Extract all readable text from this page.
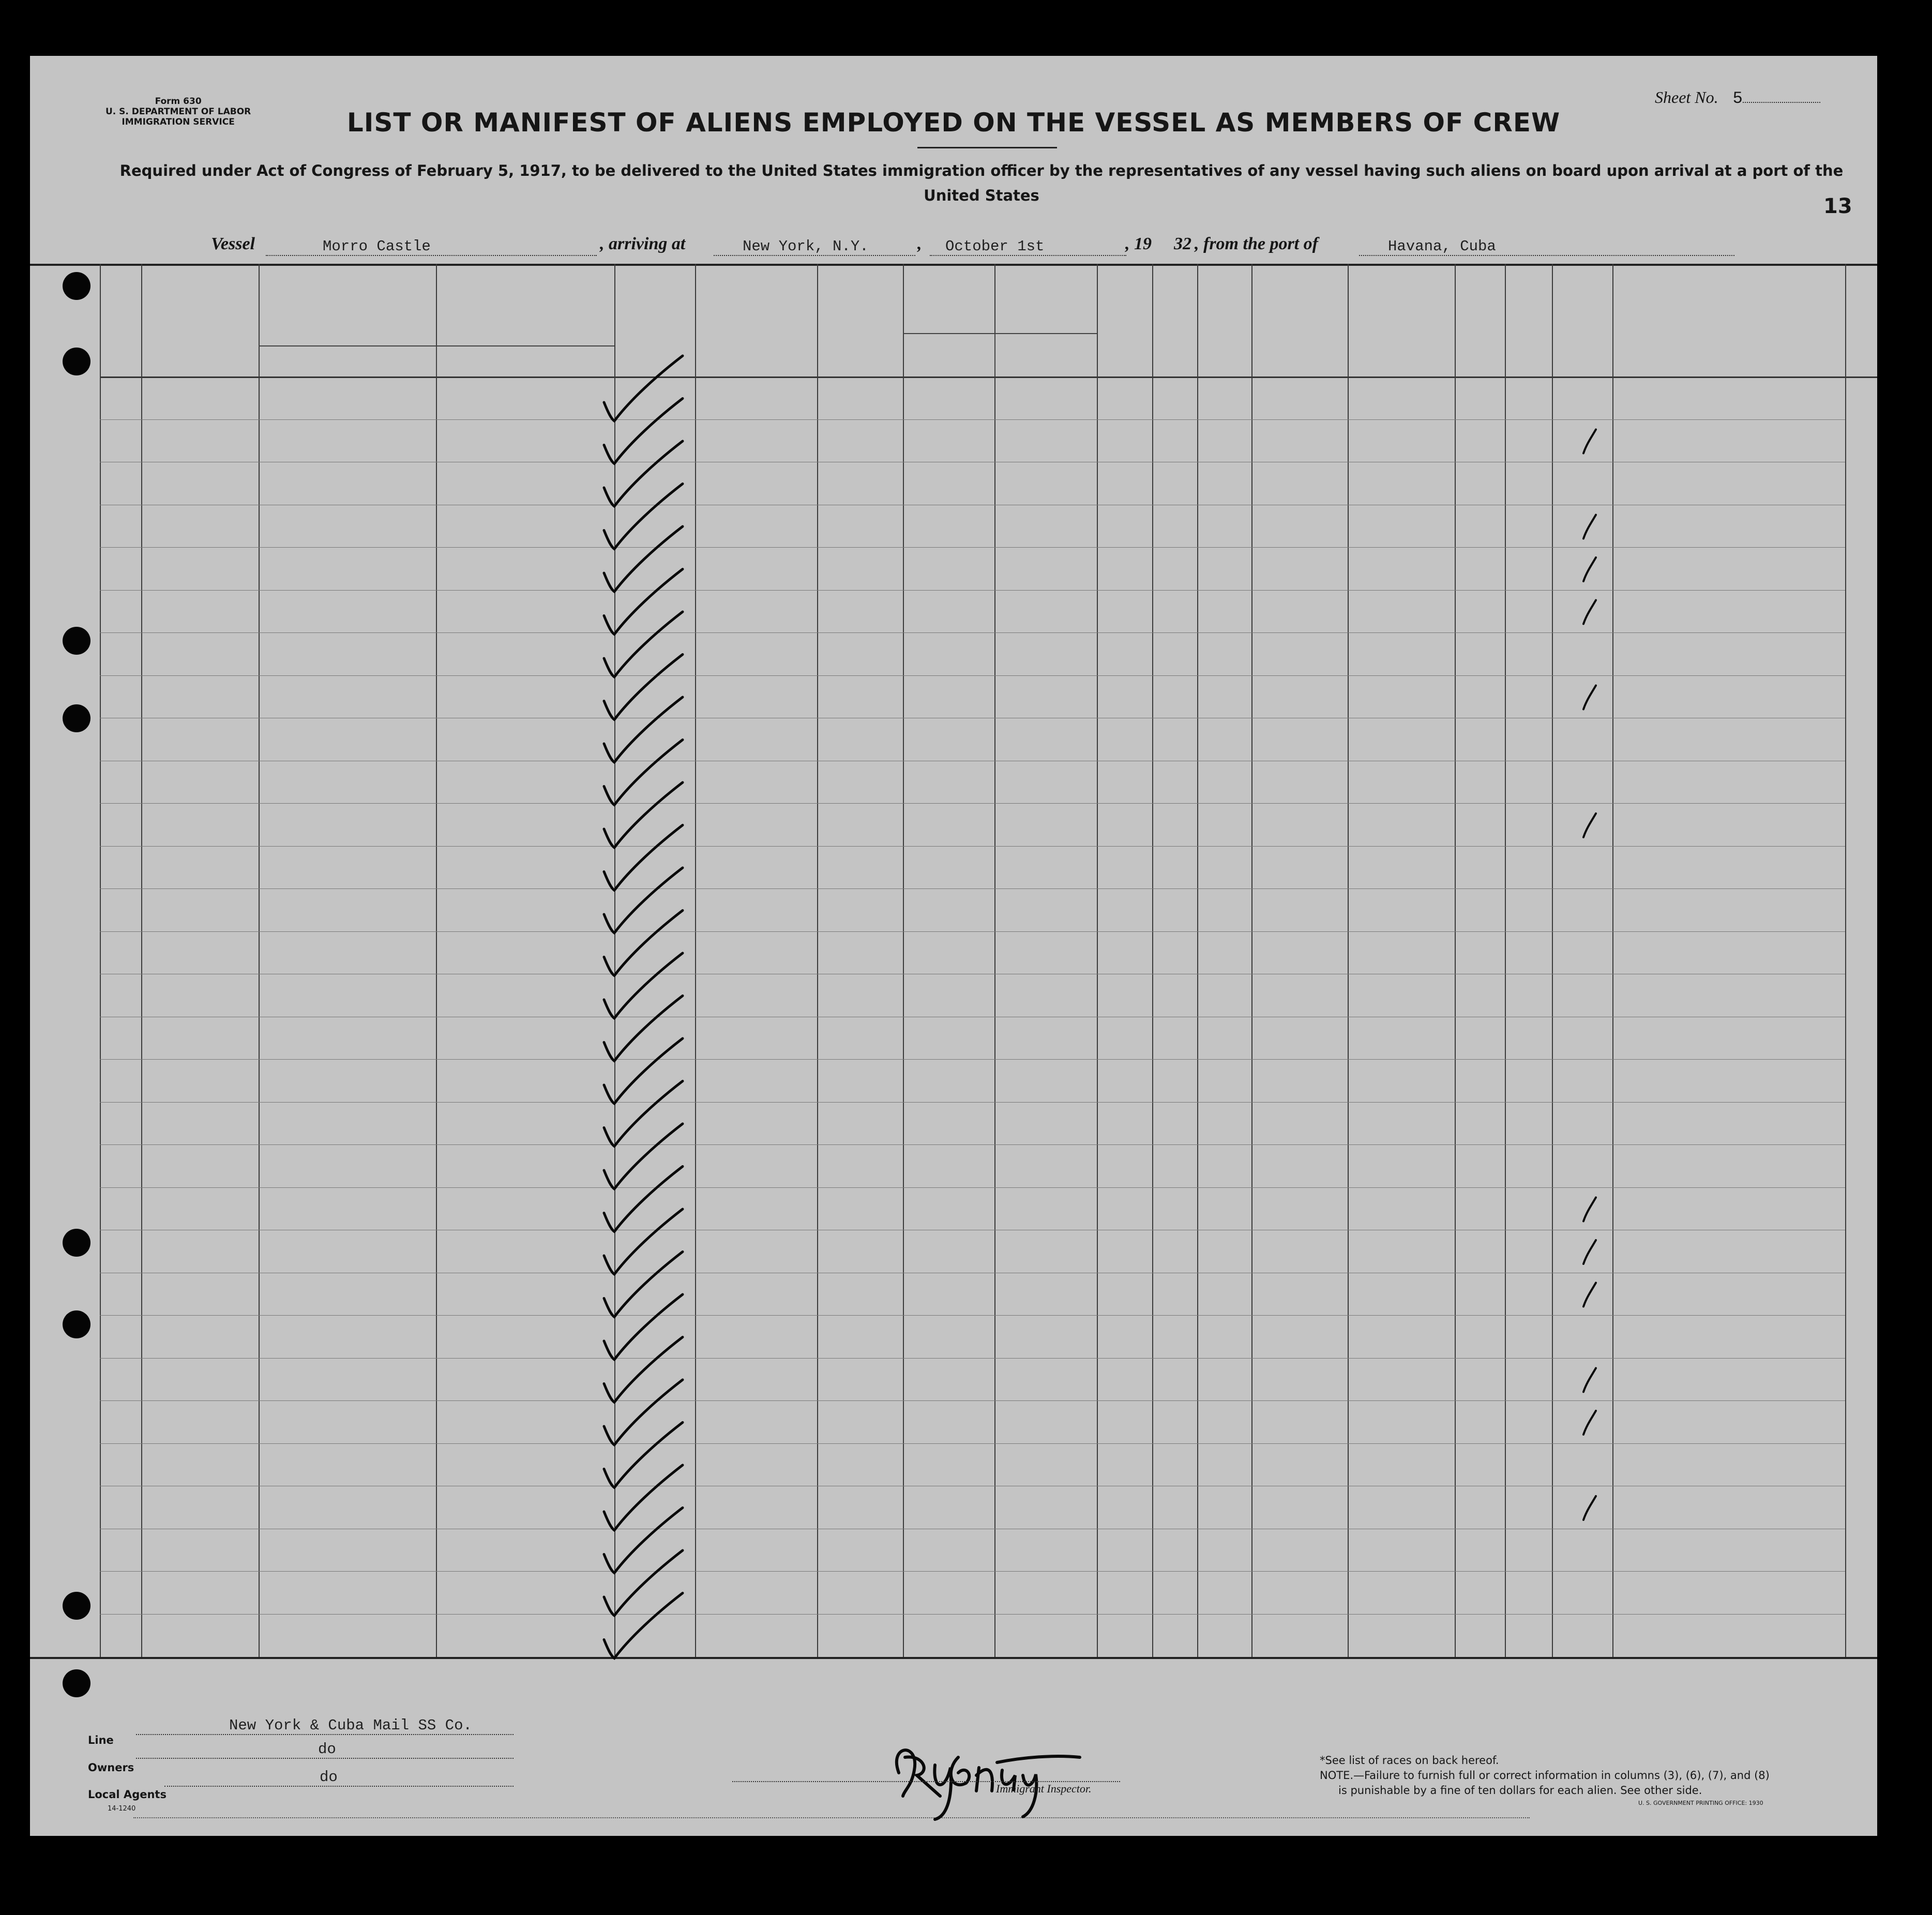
Form 630
U. S. DEPARTMENT OF LABOR
IMMIGRATION SERVICE
Sheet No. 5
LIST OR MANIFEST OF ALIENS EMPLOYED ON THE VESSEL AS MEMBERS OF CREW
Required under Act of Congress of February 5, 1917, to be delivered to the United States immigration officer by the representatives of any vessel having such aliens on board upon arrival at a port of the United States	13
Vessel	Morro Castle	, arriving at	New York, N.Y.	,	October 1st	, 19 32 , from the port of	Havana, Cuba
Line
New York & Cuba Mail SS Co.
Owners
do
Local Agents
do
14-1240
Immigrant Inspector.
*See list of races on back hereof.
NOTE.—Failure to furnish full or correct information in columns (3), (6), (7), and (8)
is punishable by a fine of ten dollars for each alien. See other side.
U. S. GOVERNMENT PRINTING OFFICE: 1930
